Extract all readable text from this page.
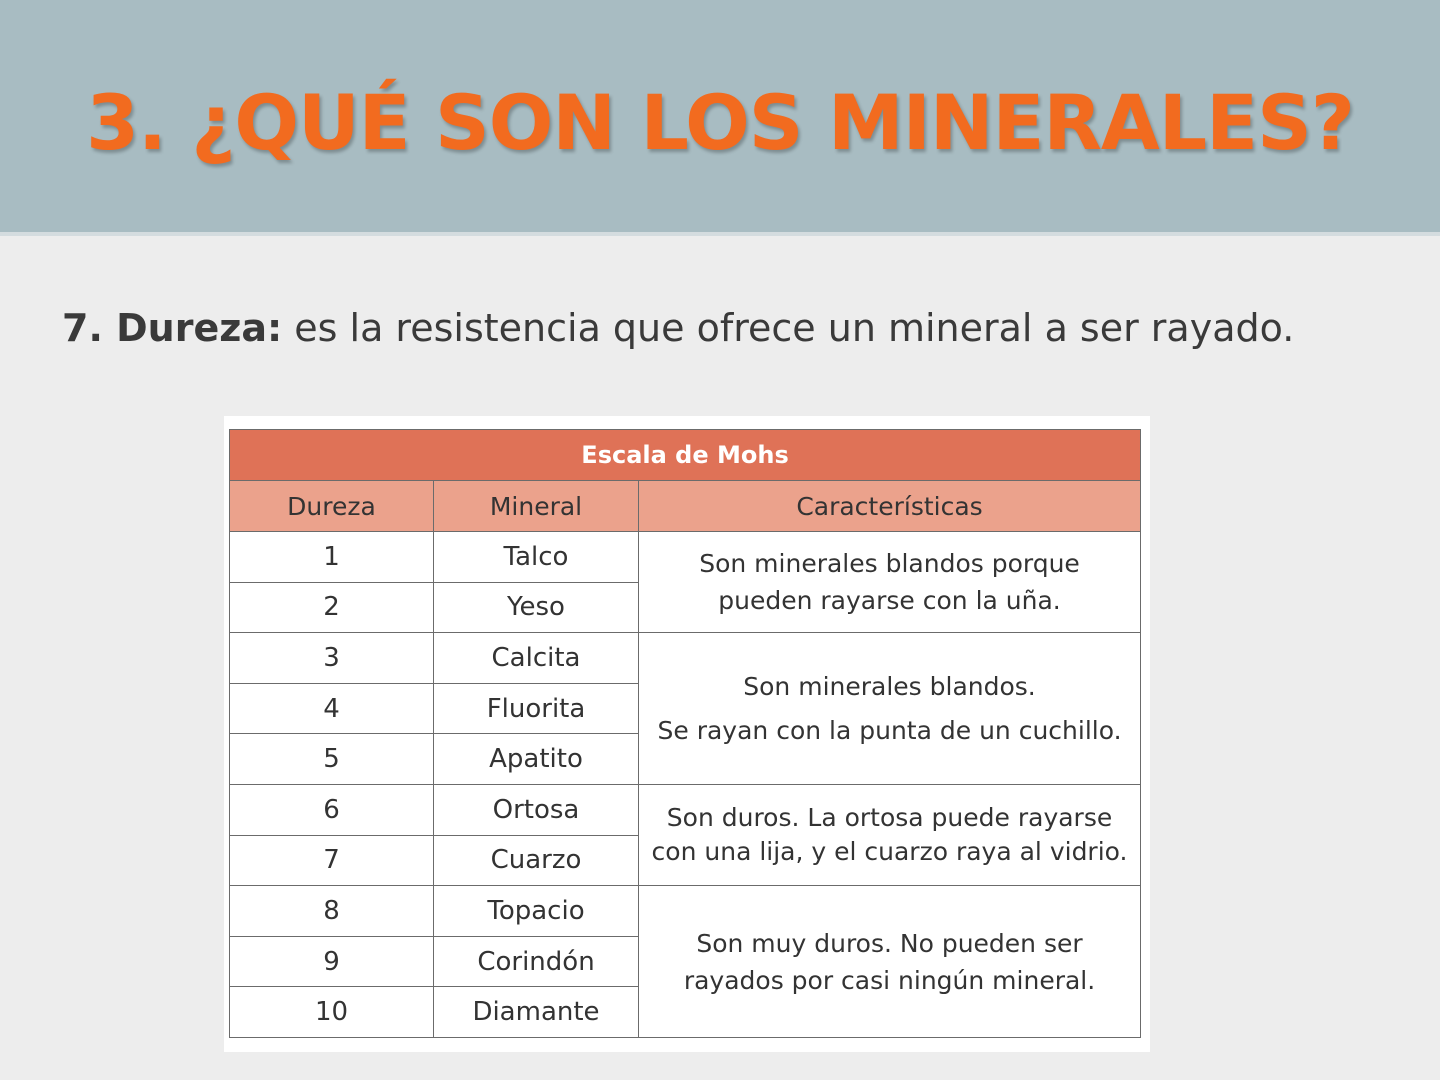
3. ¿QUÉ SON LOS MINERALES?
7. Dureza: es la resistencia que ofrece un mineral a ser rayado.
Escala de Mohs		
Dureza	Mineral	Características
1	Talco	Son minerales blandos porque
pueden rayarse con la uña.

2	Yeso	
3	Calcita	Son minerales blandos.
Se rayan con la punta de un cuchillo.

4	Fluorita	
5	Apatito	
6	Ortosa	Son duros. La ortosa puede rayarse
con una lija, y el cuarzo raya al vidrio.

7	Cuarzo	
8	Topacio	Son muy duros. No pueden ser
rayados por casi ningún mineral.

9	Corindón	
10	Diamante	
